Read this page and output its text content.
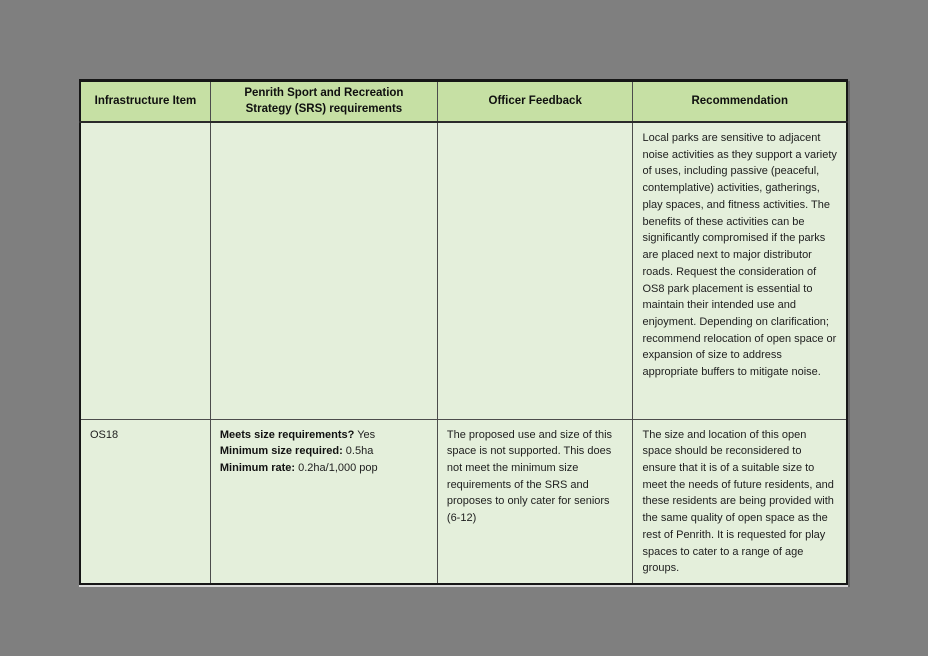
Infrastructure Item	Penrith Sport and Recreation Strategy (SRS) requirements	Officer Feedback	Recommendation
			Local parks are sensitive to adjacent noise activities as they support a variety of uses, including passive (peaceful, contemplative) activities, gatherings, play spaces, and fitness activities. The benefits of these activities can be significantly compromised if the parks are placed next to major distributor roads. Request the consideration of OS8 park placement is essential to maintain their intended use and enjoyment. Depending on clarification; recommend relocation of open space or expansion of size to address appropriate buffers to mitigate noise.
OS18	Meets size requirements? Yes
Minimum size required: 0.5ha
Minimum rate: 0.2ha/1,000 pop
	The proposed use and size of this space is not supported. This does not meet the minimum size requirements of the SRS and proposes to only cater for seniors (6-12)	The size and location of this open space should be reconsidered to ensure that it is of a suitable size to meet the needs of future residents, and these residents are being provided with the same quality of open space as the rest of Penrith. It is requested for play spaces to cater to a range of age groups.
